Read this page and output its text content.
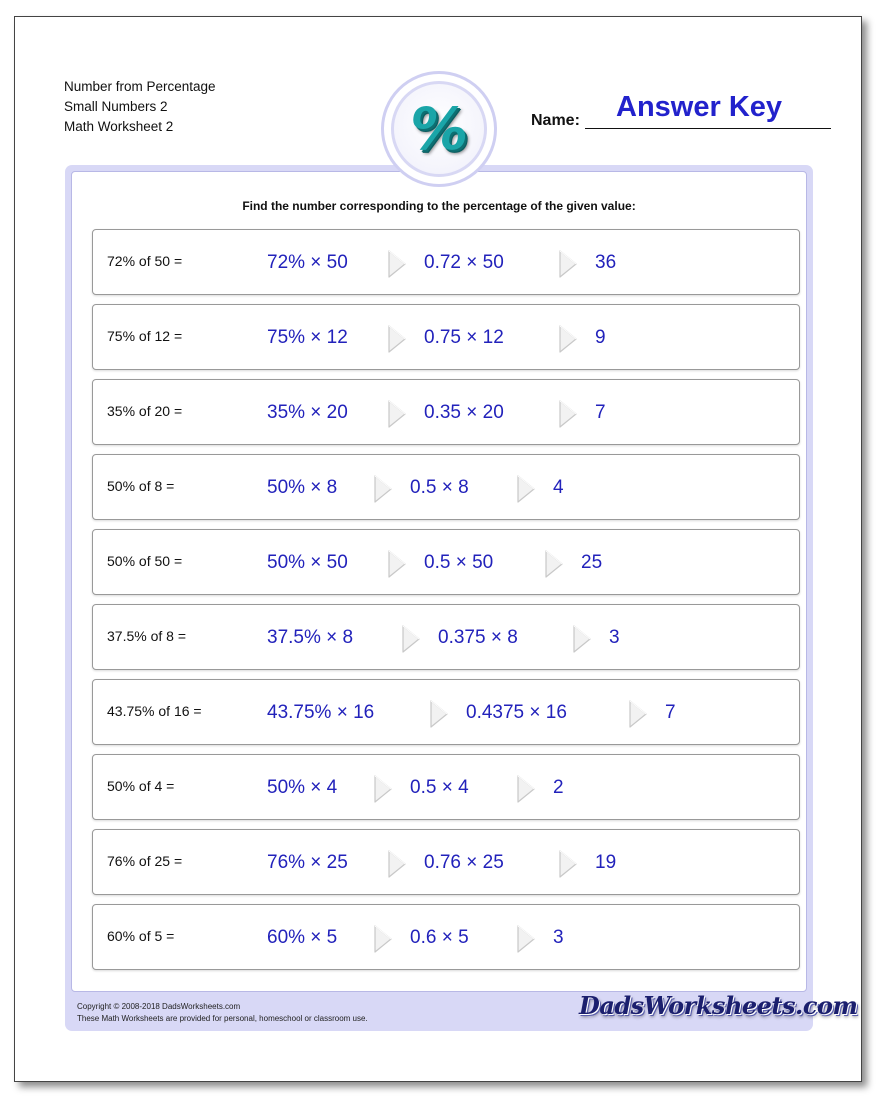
Number from Percentage
Small Numbers 2
Math Worksheet 2	%	Name: Answer Key
Find the number corresponding to the percentage of the given value:
72% of 50 =	72% × 50	0.72 × 50	36
75% of 12 =	75% × 12	0.75 × 12	9
35% of 20 =	35% × 20	0.35 × 20	7
50% of 8 =	50% × 8	0.5 × 8	4
50% of 50 =	50% × 50	0.5 × 50	25
37.5% of 8 =	37.5% × 8	0.375 × 8	3
43.75% of 16 =	43.75% × 16	0.4375 × 16	7
50% of 4 =	50% × 4	0.5 × 4	2
76% of 25 =	76% × 25	0.76 × 25	19
60% of 5 =	60% × 5	0.6 × 5	3
Copyright © 2008-2018 DadsWorksheets.com
These Math Worksheets are provided for personal, homeschool or classroom use.	DadsWorksheets.com
